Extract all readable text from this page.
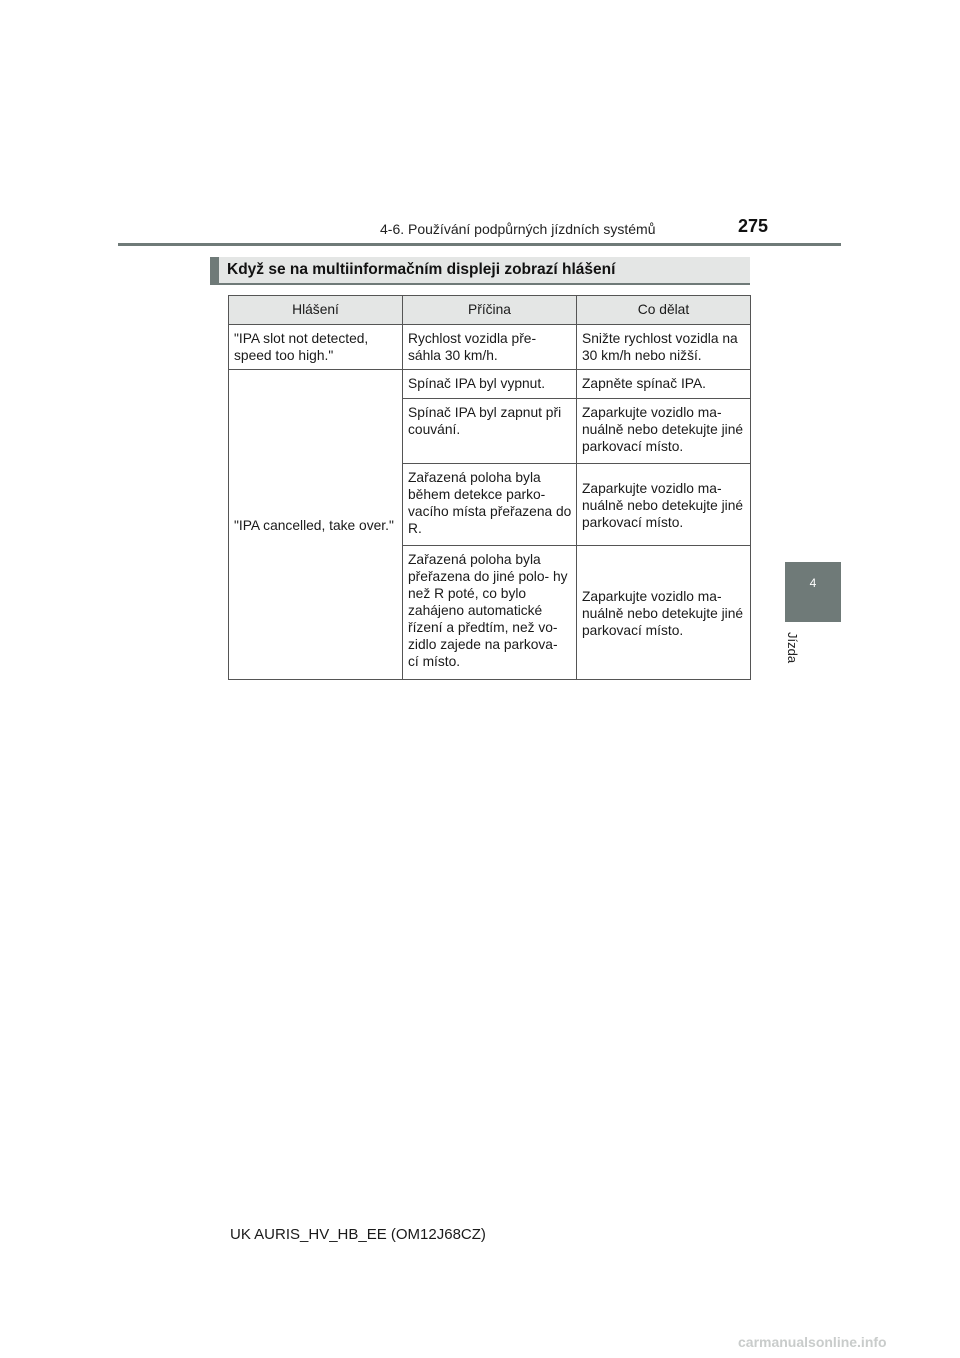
4-6. Používání podpůrných jízdních systémů	275
4
Jízda
Když se na multiinformačním displeji zobrazí hlášení
Hlášení	Příčina	Co dělat
"IPA slot not detected, speed too high."	Rychlost vozidla pře- sáhla 30 km/h.	Snižte rychlost vozidla na 30 km/h nebo nižší.
"IPA cancelled, take over."	Spínač IPA byl vypnut.	Zapněte spínač IPA.
	Spínač IPA byl zapnut při couvání.	Zaparkujte vozidlo ma- nuálně nebo detekujte jiné parkovací místo.
	Zařazená poloha byla během detekce parko- vacího místa přeřazena do R.	Zaparkujte vozidlo ma- nuálně nebo detekujte jiné parkovací místo.
	Zařazená poloha byla přeřazena do jiné polo- hy než R poté, co bylo zahájeno automatické řízení a předtím, než vo- zidlo zajede na parkova- cí místo.	Zaparkujte vozidlo ma- nuálně nebo detekujte jiné parkovací místo.
UK AURIS_HV_HB_EE (OM12J68CZ)
carmanualsonline.info
